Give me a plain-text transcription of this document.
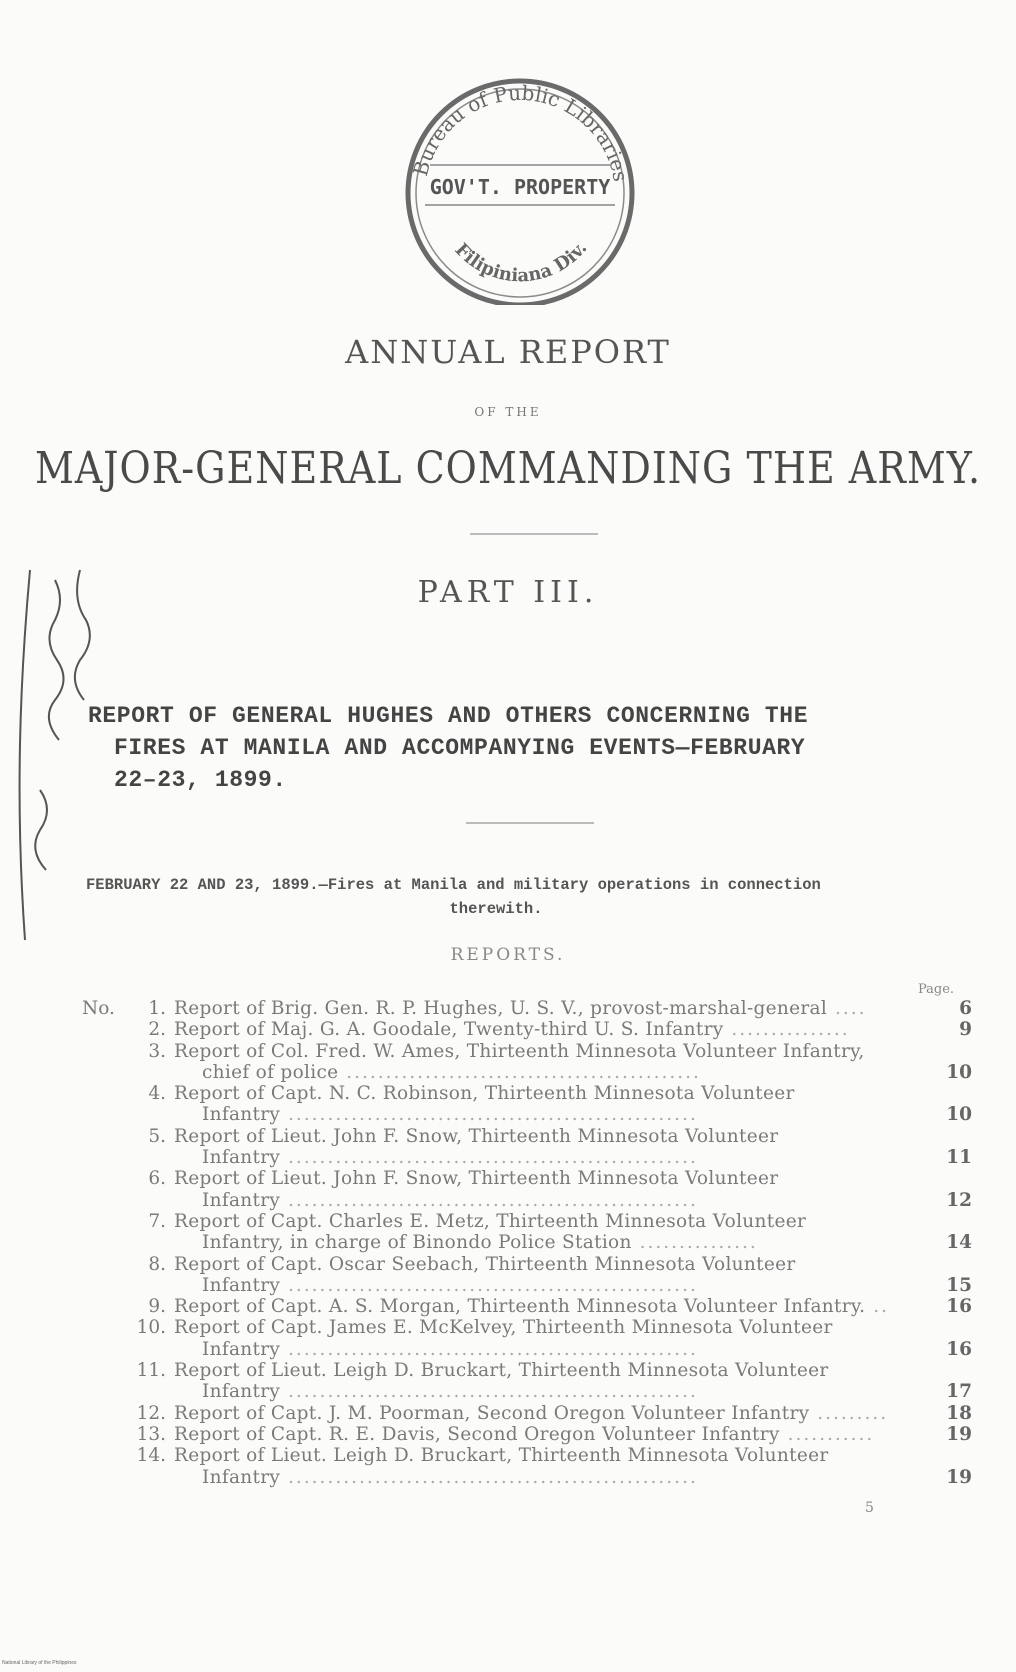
Bureau of Public Libraries
Filipiniana Div.
GOV'T. PROPERTY
ANNUAL REPORT
OF THE
MAJOR-GENERAL COMMANDING THE ARMY.
PART III.
REPORT OF GENERAL HUGHES AND OTHERS CONCERNING THE
FIRES AT MANILA AND ACCOMPANYING EVENTS—FEBRUARY
22–23, 1899.
FEBRUARY 22 AND 23, 1899.—Fires at Manila and military operations in connection
therewith.
REPORTS.
Page.
No.	1. Report of Brig. Gen. R. P. Hughes, U. S. V., provost-marshal-general ....	6
2. Report of Maj. G. A. Goodale, Twenty-third U. S. Infantry ...............	9
3. Report of Col. Fred. W. Ames, Thirteenth Minnesota Volunteer Infantry,
chief of police .............................................	10
4. Report of Capt. N. C. Robinson, Thirteenth Minnesota Volunteer
Infantry ....................................................	10
5. Report of Lieut. John F. Snow, Thirteenth Minnesota Volunteer
Infantry ....................................................	11
6. Report of Lieut. John F. Snow, Thirteenth Minnesota Volunteer
Infantry ....................................................	12
7. Report of Capt. Charles E. Metz, Thirteenth Minnesota Volunteer
Infantry, in charge of Binondo Police Station ...............	14
8. Report of Capt. Oscar Seebach, Thirteenth Minnesota Volunteer
Infantry ....................................................	15
9. Report of Capt. A. S. Morgan, Thirteenth Minnesota Volunteer Infantry. ..	16
10. Report of Capt. James E. McKelvey, Thirteenth Minnesota Volunteer
Infantry ....................................................	16
11. Report of Lieut. Leigh D. Bruckart, Thirteenth Minnesota Volunteer
Infantry ....................................................	17
12. Report of Capt. J. M. Poorman, Second Oregon Volunteer Infantry .........	18
13. Report of Capt. R. E. Davis, Second Oregon Volunteer Infantry ...........	19
14. Report of Lieut. Leigh D. Bruckart, Thirteenth Minnesota Volunteer
Infantry ....................................................	19
5
National Library of the Philippines
